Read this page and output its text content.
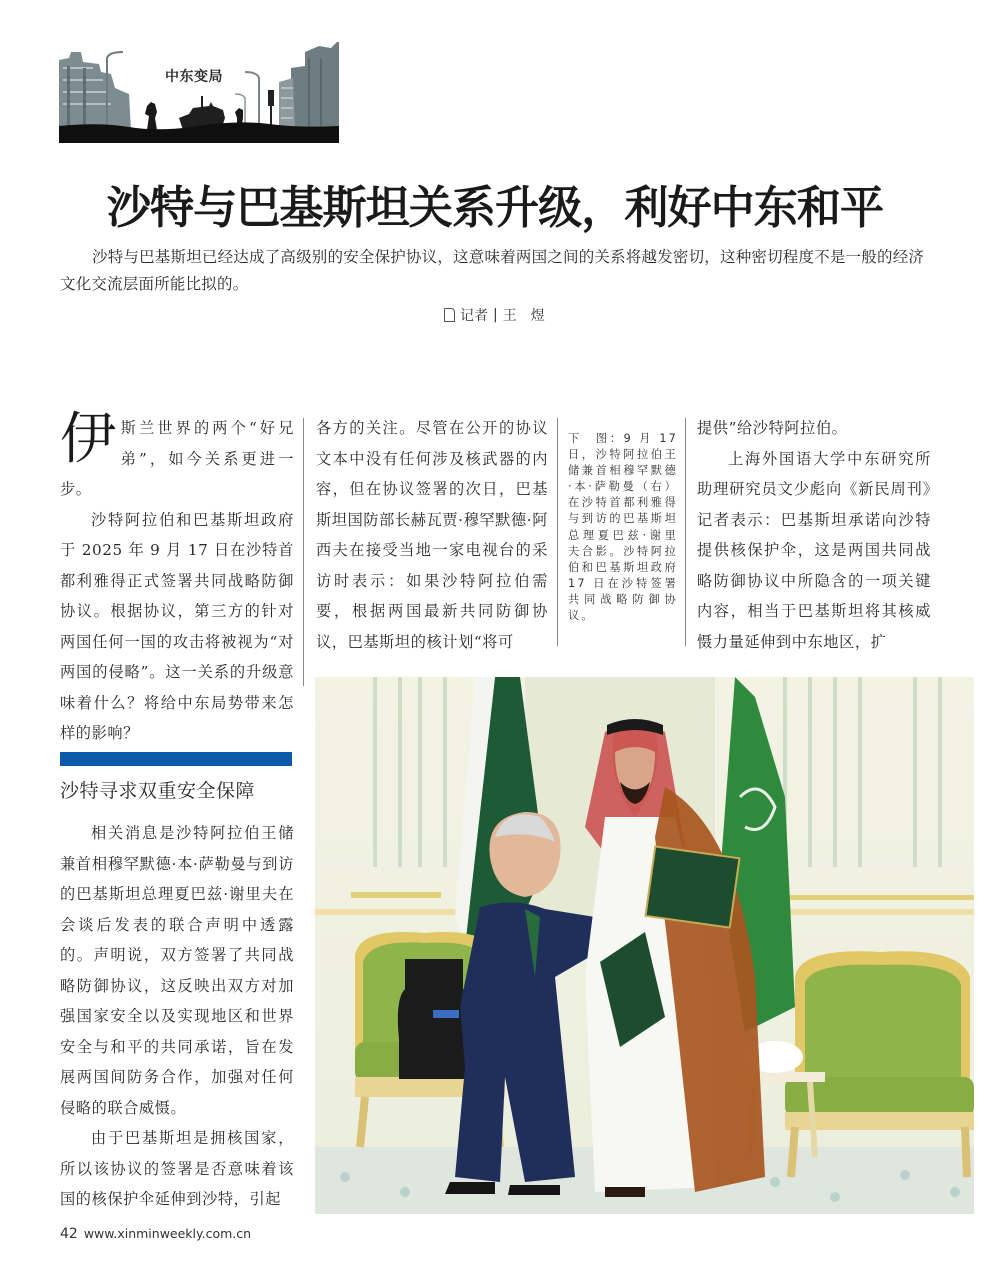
中东变局
沙特与巴基斯坦关系升级，利好中东和平
沙特与巴基斯坦已经达成了高级别的安全保护协议，这意味着两国之间的关系将越发密切，这种密切程度不是一般的经济文化交流层面所能比拟的。
记者 | 王　煜
伊 斯兰世界的两个“好兄弟”，如今关系更进一步。

沙特阿拉伯和巴基斯坦政府于 2025 年 9 月 17 日在沙特首都利雅得正式签署共同战略防御协议。根据协议，第三方的针对两国任何一国的攻击将被视为“对两国的侵略”。这一关系的升级意味着什么？将给中东局势带来怎样的影响？

各方的关注。尽管在公开的协议文本中没有任何涉及核武器的内容，但在协议签署的次日，巴基斯坦国防部长赫瓦贾·穆罕默德·阿西夫在接受当地一家电视台的采访时表示：如果沙特阿拉伯需要，根据两国最新共同防御协议，巴基斯坦的核计划“将可

下　图：9 月 17 日，沙特阿拉伯王储兼首相穆罕默德·本·萨勒曼（右）在沙特首都利雅得与到访的巴基斯坦总理夏巴兹·谢里夫合影。沙特阿拉伯和巴基斯坦政府 17 日在沙特签署共同战略防御协议。

提供”给沙特阿拉伯。

上海外国语大学中东研究所助理研究员文少彪向《新民周刊》记者表示：巴基斯坦承诺向沙特提供核保护伞，这是两国共同战略防御协议中所隐含的一项关键内容，相当于巴基斯坦将其核威慑力量延伸到中东地区，扩

沙特寻求双重安全保障

相关消息是沙特阿拉伯王储兼首相穆罕默德·本·萨勒曼与到访的巴基斯坦总理夏巴兹·谢里夫在会谈后发表的联合声明中透露的。声明说，双方签署了共同战略防御协议，这反映出双方对加强国家安全以及实现地区和世界安全与和平的共同承诺，旨在发展两国间防务合作，加强对任何侵略的联合威慑。

由于巴基斯坦是拥核国家，所以该协议的签署是否意味着该国的核保护伞延伸到沙特，引起

42 www.xinminweekly.com.cn
